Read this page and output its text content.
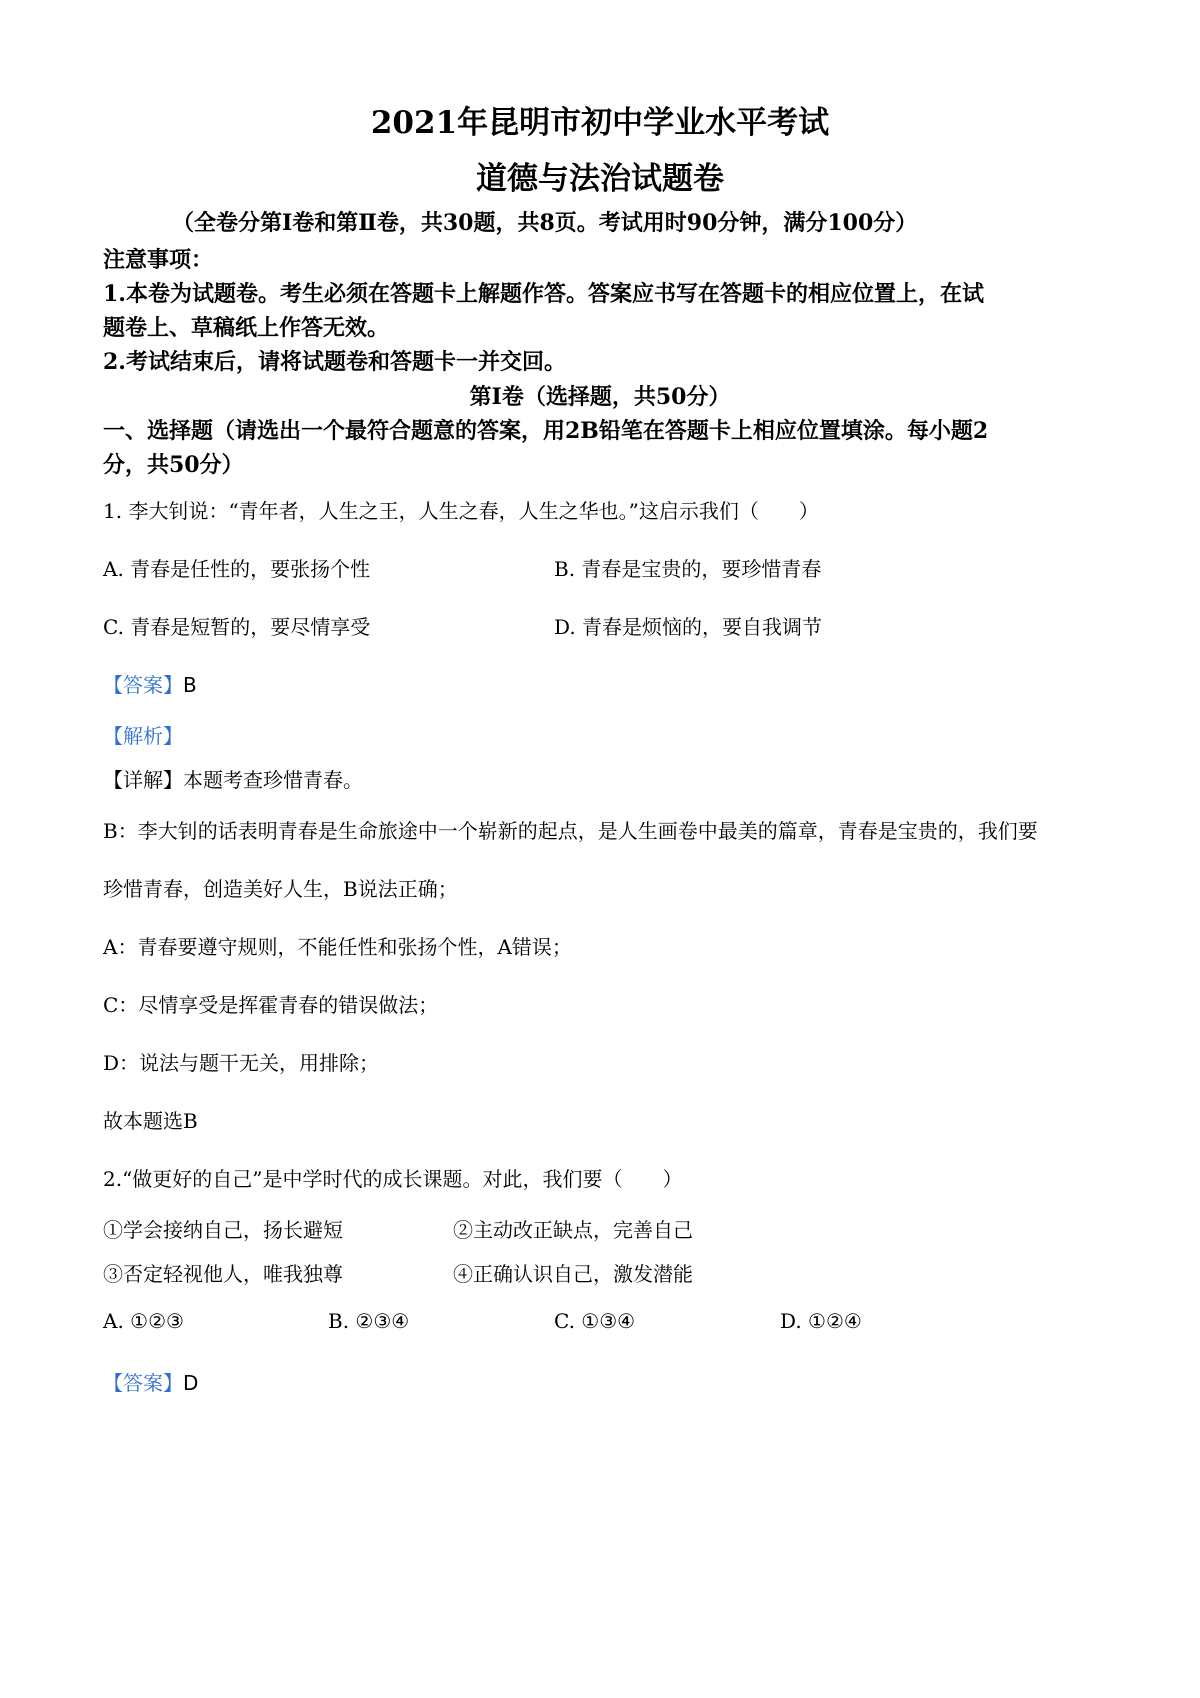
2021年昆明市初中学业水平考试
道德与法治试题卷
（全卷分第Ⅰ卷和第Ⅱ卷，共30题，共8页。考试用时90分钟，满分100分）
注意事项：
1.本卷为试题卷。考生必须在答题卡上解题作答。答案应书写在答题卡的相应位置上，在试
题卷上、草稿纸上作答无效。
2.考试结束后，请将试题卷和答题卡一并交回。
第Ⅰ卷（选择题，共50分）
一、选择题（请选出一个最符合题意的答案，用2B铅笔在答题卡上相应位置填涂。每小题2
分，共50分）
1. 李大钊说：“青年者，人生之王，人生之春，人生之华也。”这启示我们（　　）
A. 青春是任性的，要张扬个性	B. 青春是宝贵的，要珍惜青春
C. 青春是短暂的，要尽情享受	D. 青春是烦恼的，要自我调节
【答案】B
【解析】
【详解】本题考查珍惜青春。
B：李大钊的话表明青春是生命旅途中一个崭新的起点，是人生画卷中最美的篇章，青春是宝贵的，我们要
珍惜青春，创造美好人生，B说法正确；
A：青春要遵守规则，不能任性和张扬个性，A错误；
C：尽情享受是挥霍青春的错误做法；
D：说法与题干无关，用排除；
故本题选B
2.“做更好的自己”是中学时代的成长课题。对此，我们要（　　）
①学会接纳自己，扬长避短	②主动改正缺点，完善自己
③否定轻视他人，唯我独尊	④正确认识自己，激发潜能
A. ①②③	B. ②③④	C. ①③④	D. ①②④
【答案】D
